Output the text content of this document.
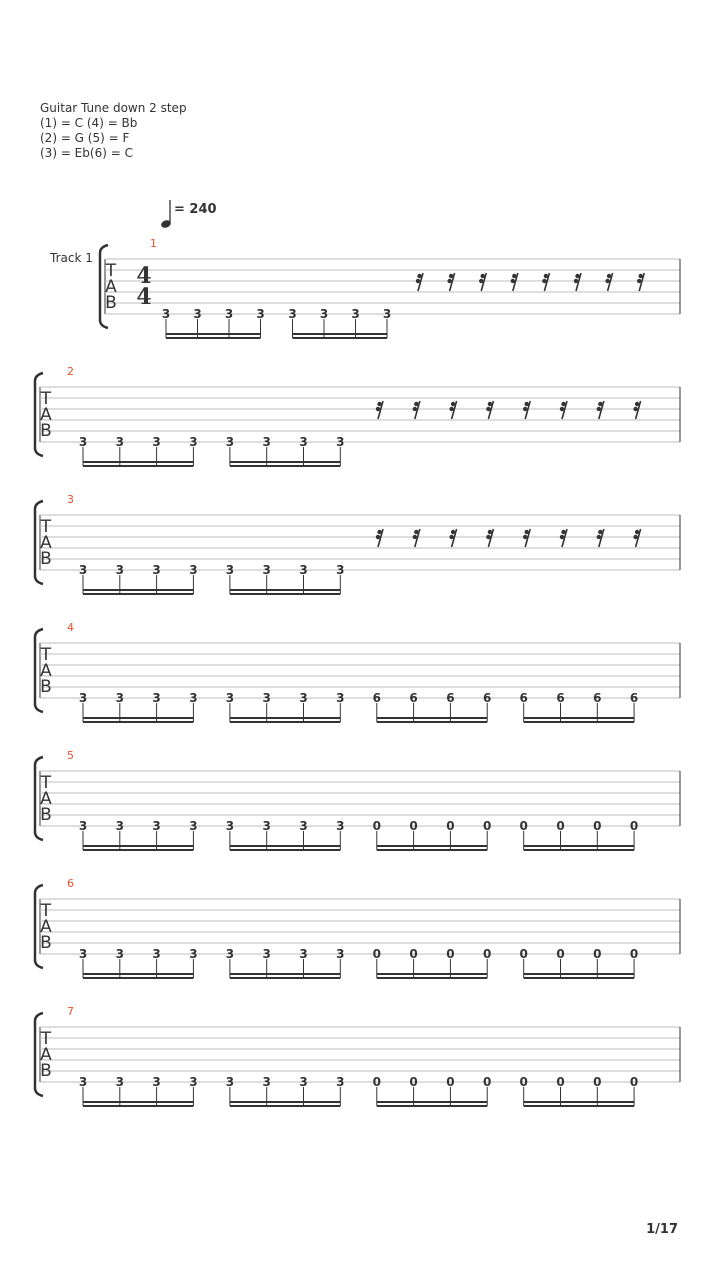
Guitar Tune down 2 step
(1) = C (4) = Bb
(2) = G (5) = F
(3) = Eb(6) = C
= 240
Track 1
T
A
B
1
4
4
3 3 3 3 3 3 3 3
T
A
B
2
3 3 3 3 3 3 3 3
T
A
B
3
3 3 3 3 3 3 3 3
T
A
B
4
3 3 3 3 3 3 3 3 6 6 6 6 6 6 6 6
T
A
B
5
3 3 3 3 3 3 3 3 0 0 0 0 0 0 0 0
T
A
B
6
3 3 3 3 3 3 3 3 0 0 0 0 0 0 0 0
T
A
B
7
3 3 3 3 3 3 3 3 0 0 0 0 0 0 0 0
1/17
